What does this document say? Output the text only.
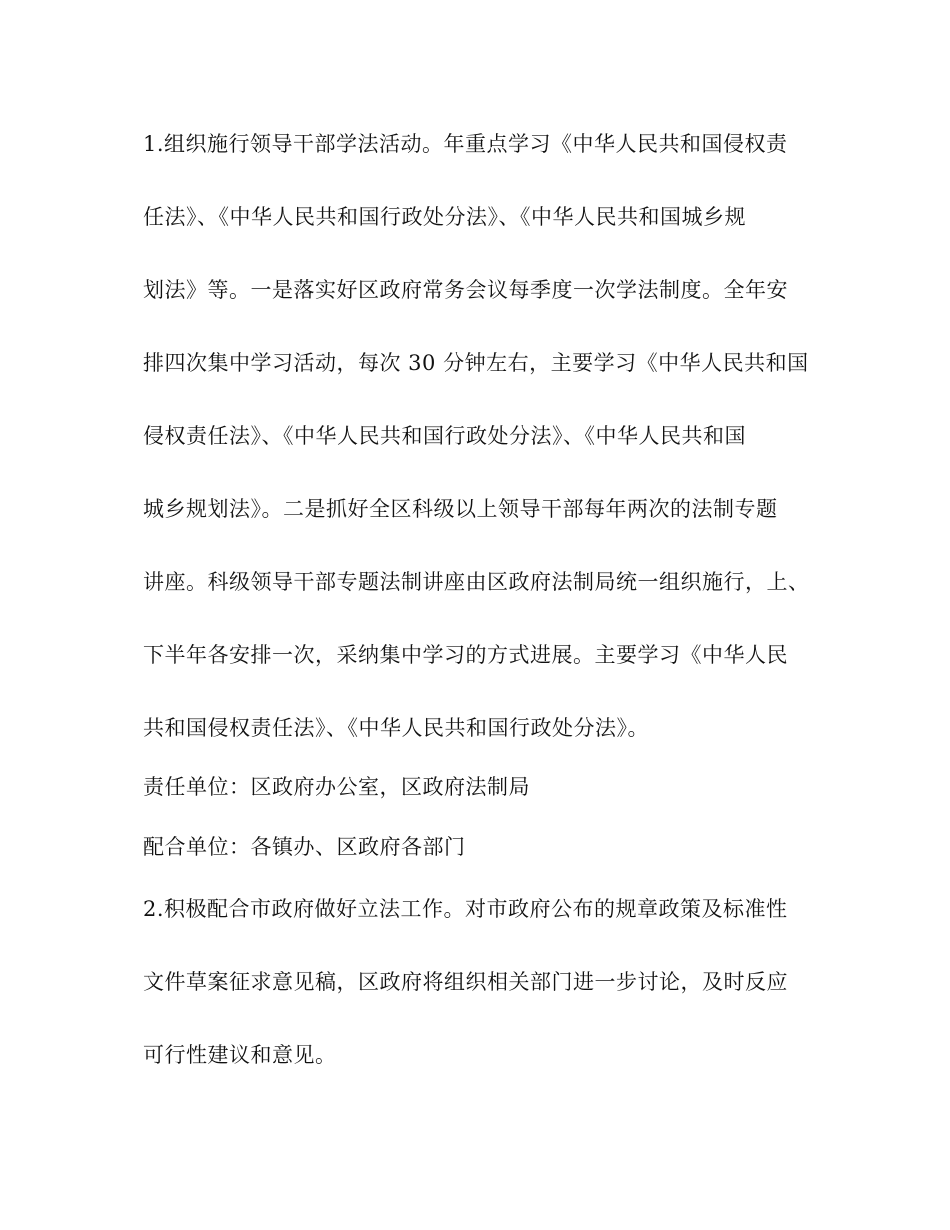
1.组织施行领导干部学法活动。年重点学习《中华人民共和国侵权责
任法》、《中华人民共和国行政处分法》、《中华人民共和国城乡规
划法》等。一是落实好区政府常务会议每季度一次学法制度。全年安
排四次集中学习活动，每次 30 分钟左右，主要学习《中华人民共和国
侵权责任法》、《中华人民共和国行政处分法》、《中华人民共和国
城乡规划法》。二是抓好全区科级以上领导干部每年两次的法制专题
讲座。科级领导干部专题法制讲座由区政府法制局统一组织施行，上、
下半年各安排一次，采纳集中学习的方式进展。主要学习《中华人民
共和国侵权责任法》、《中华人民共和国行政处分法》。
责任单位：区政府办公室，区政府法制局
配合单位：各镇办、区政府各部门
2.积极配合市政府做好立法工作。对市政府公布的规章政策及标准性
文件草案征求意见稿，区政府将组织相关部门进一步讨论，及时反应
可行性建议和意见。
